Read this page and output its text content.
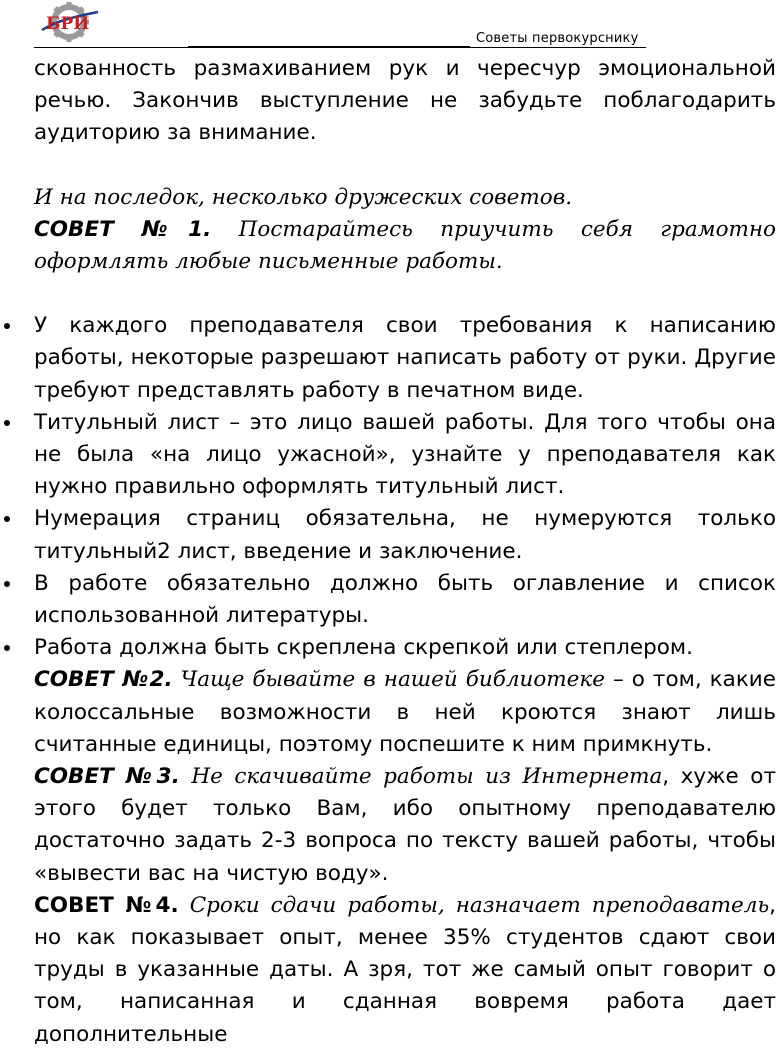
БРИ
Советы первокурснику

скованность размахиванием рук и чересчур эмоциональной речью. Закончив выступление не забудьте поблагодарить аудиторию за внимание.

И на последок, несколько дружеских советов.

СОВЕТ №1. Постарайтесь приучить себя грамотно оформлять любые письменные работы.

У каждого преподавателя свои требования к написанию работы, некоторые разрешают написать работу от руки. Другие требуют представлять работу в печатном виде.
Титульный лист – это лицо вашей работы. Для того чтобы она не была «на лицо ужасной», узнайте у преподавателя как нужно правильно оформлять титульный лист.
Нумерация страниц обязательна, не нумеруются только титульный2 лист, введение и заключение.
В работе обязательно должно быть оглавление и список использованной литературы.
Работа должна быть скреплена скрепкой или степлером.

СОВЕТ №2. Чаще бывайте в нашей библиотеке – о том, какие колоссальные возможности в ней кроются знают лишь считанные единицы, поэтому поспешите к ним примкнуть.

СОВЕТ №3. Не скачивайте работы из Интернета, хуже от этого будет только Вам, ибо опытному преподавателю достаточно задать 2-3 вопроса по тексту вашей работы, чтобы «вывести вас на чистую воду».

СОВЕТ №4. Сроки сдачи работы, назначает преподаватель, но как показывает опыт, менее 35% студентов сдают свои труды в указанные даты. А зря, тот же самый опыт говорит о том, написанная и сданная вовремя работа дает дополнительные
